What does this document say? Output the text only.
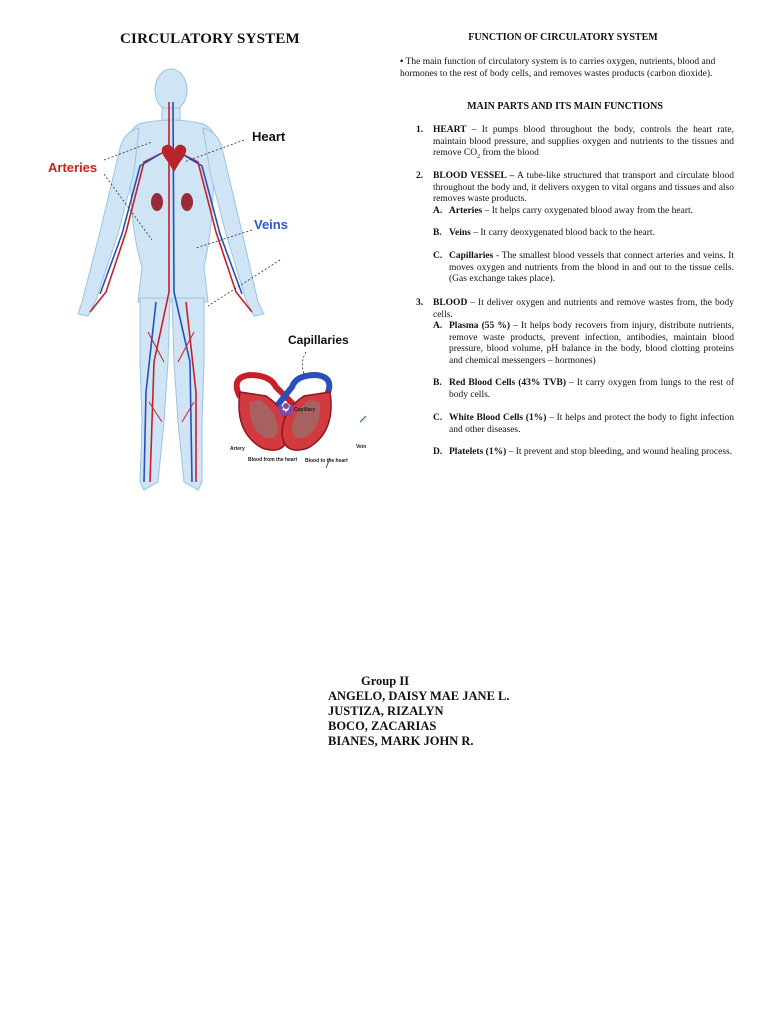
CIRCULATORY SYSTEM
Arteries
Heart
Veins
Capillaries
Capillary
Artery	Vein
Blood from the heart Blood to the heart
FUNCTION OF CIRCULATORY SYSTEM
• The main function of circulatory system is to carries oxygen, nutrients, blood and hormones to the rest of body cells, and removes wastes products (carbon dioxide).
MAIN PARTS AND ITS MAIN FUNCTIONS
1. HEART – It pumps blood throughout the body, controls the heart rate, maintain blood pressure, and supplies oxygen and nutrients to the tissues and remove $CO_2$ from the blood
2. BLOOD VESSEL – A tube-like structured that transport and circulate blood throughout the body and, it delivers oxygen to vital organs and tissues and also removes waste products.
A. Arteries – It helps carry oxygenated blood away from the heart.
B. Veins – It carry deoxygenated blood back to the heart.
C. Capillaries - The smallest blood vessels that connect arteries and veins. It moves oxygen and nutrients from the blood in and out to the tissue cells. (Gas exchange takes place).
3. BLOOD – It deliver oxygen and nutrients and remove wastes from, the body cells.
A. Plasma (55 %) – It helps body recovers from injury, distribute nutrients, remove waste products, prevent infection, antibodies, maintain blood pressure, blood volume, pH balance in the body, blood clotting proteins and chemical messengers – hormones)
B. Red Blood Cells (43% TVB) – It carry oxygen from lungs to the rest of body cells.
C. White Blood Cells (1%) – It helps and protect the body to fight infection and other diseases.
D. Platelets (1%) – It prevent and stop bleeding, and wound healing process.
Group II
ANGELO, DAISY MAE JANE L.
JUSTIZA, RIZALYN
BOCO, ZACARIAS
BIANES, MARK JOHN R.
